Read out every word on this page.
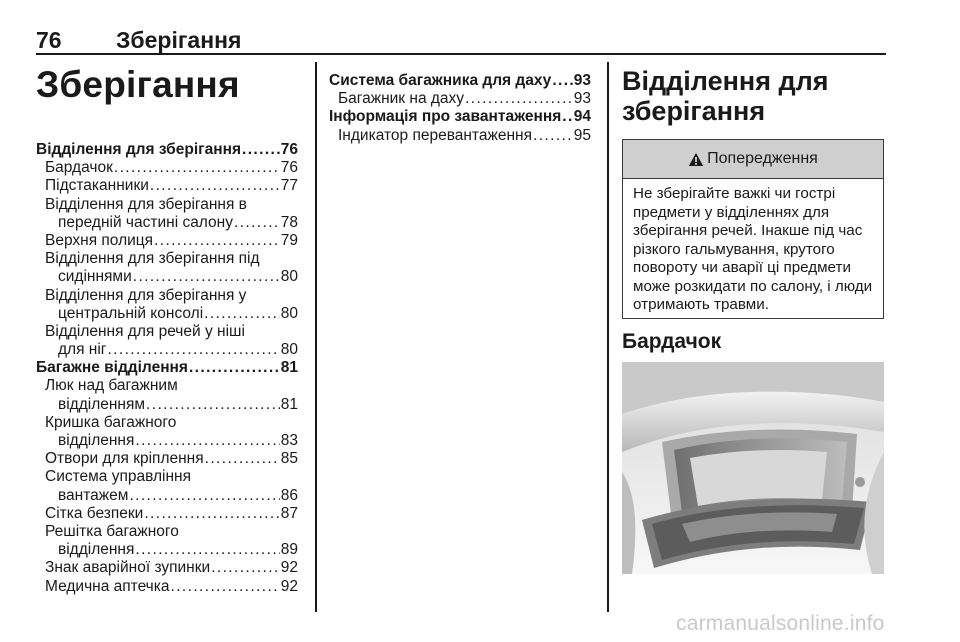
76 Зберігання
Зберігання
Відділення для зберігання .....	76
Бардачок .....	76
Підстаканники .....	77
Відділення для зберігання в
передній частині салону .....	78
Верхня полиця .....	79
Відділення для зберігання під
сидіннями .....	80
Відділення для зберігання у
центральній консолі .....	80
Відділення для речей у ніші
для ніг .....	80
Багажне відділення .....	81
Люк над багажним
відділенням .....	81
Кришка багажного
відділення .....	83
Отвори для кріплення .....	85
Система управління
вантажем .....	86
Сітка безпеки .....	87
Решітка багажного
відділення .....	89
Знак аварійної зупинки .....	92
Медична аптечка .....	92
Система багажника для даху ..... 93
Багажник на даху .....	93
Інформація про завантаження ..... 94
Індикатор перевантаження .....	95
Відділення для зберігання
Попередження
Не зберігайте важкі чи гострі предмети у відділеннях для зберігання речей. Інакше під час різкого гальмування, крутого повороту чи аварії ці предмети може розкидати по салону, і люди отримають травми.
Бардачок
carmanualsonline.info
